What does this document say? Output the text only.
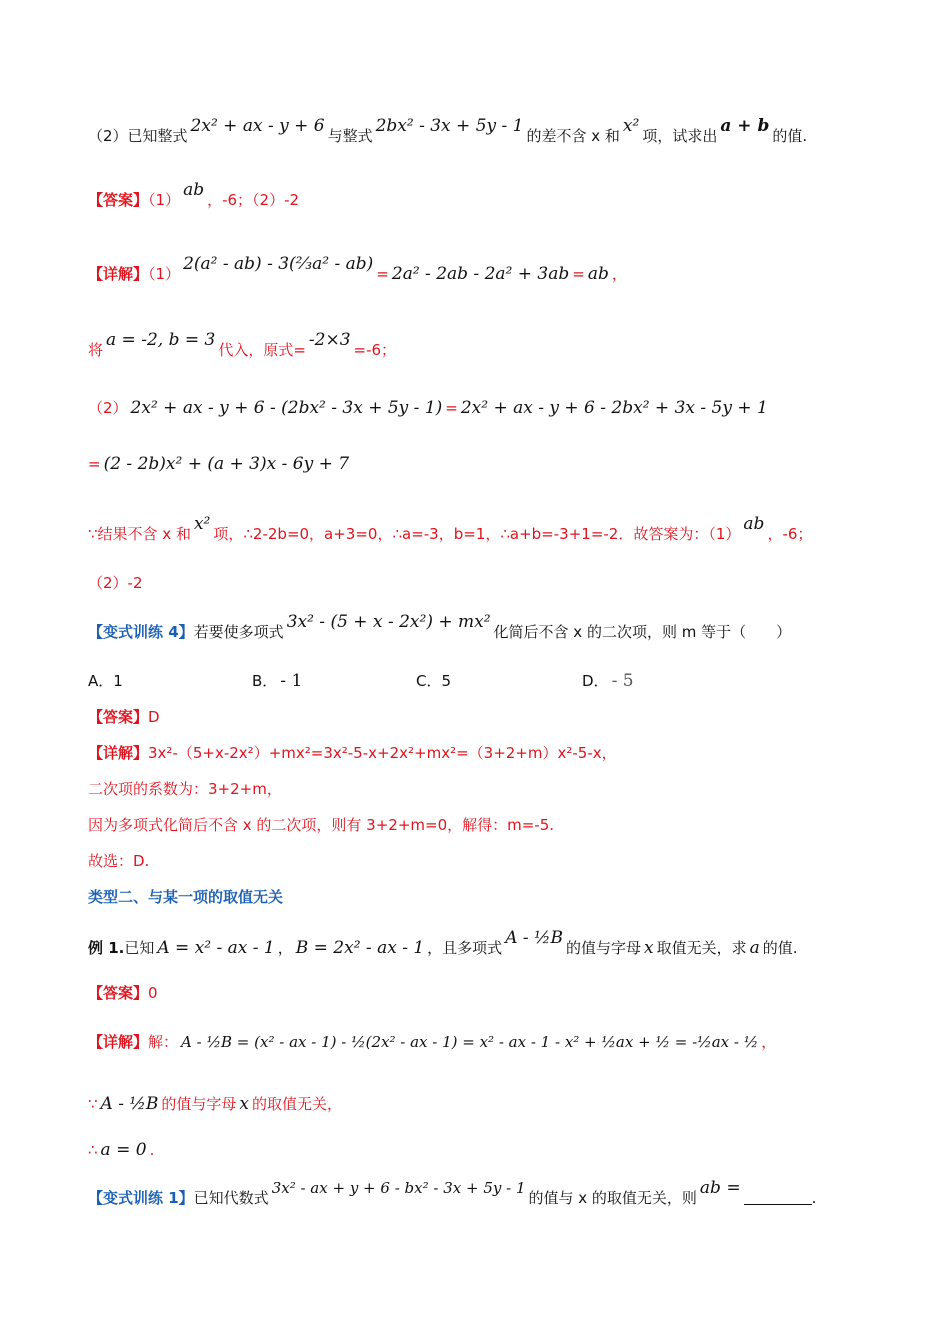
（2）已知整式 2x² + ax - y + 6 与整式 2bx² - 3x + 5y - 1 的差不含 x 和 x² 项，试求出 a + b 的值.
【答案】（1） ab ，-6；（2）-2
【详解】（1） 2(a² - ab) - 3(⅔a² - ab) = 2a² - 2ab - 2a² + 3ab = ab ，
将 a = -2, b = 3 代入，原式= -2×3 =-6；
（2） 2x² + ax - y + 6 - (2bx² - 3x + 5y - 1) = 2x² + ax - y + 6 - 2bx² + 3x - 5y + 1
= (2 - 2b)x² + (a + 3)x - 6y + 7
∵结果不含 x 和 x² 项，∴2-2b=0，a+3=0，∴a=-3，b=1，∴a+b=-3+1=-2．故答案为：（1） ab ，-6；
（2）-2
【变式训练 4】若要使多项式 3x² - (5 + x - 2x²) + mx² 化简后不含 x 的二次项，则 m 等于（　　）
A．1	B． - 1	C．5	D． - 5
【答案】D
【详解】3x²-（5+x-2x²）+mx²=3x²-5-x+2x²+mx²=（3+2+m）x²-5-x，
二次项的系数为：3+2+m，
因为多项式化简后不含 x 的二次项，则有 3+2+m=0，解得：m=-5.
故选：D.
类型二、与某一项的取值无关
例 1.已知 A = x² - ax - 1 ， B = 2x² - ax - 1 ，且多项式 A - ½B 的值与字母 x 取值无关，求 a 的值.
【答案】0
【详解】解： A - ½B = (x² - ax - 1) - ½(2x² - ax - 1) = x² - ax - 1 - x² + ½ax + ½ = -½ax - ½ ，
∵ A - ½B 的值与字母 x 的取值无关，
∴ a = 0 .
【变式训练 1】已知代数式3x² - ax + y + 6 - bx² - 3x + 5y - 1的值与 x 的取值无关，则 ab =	.
